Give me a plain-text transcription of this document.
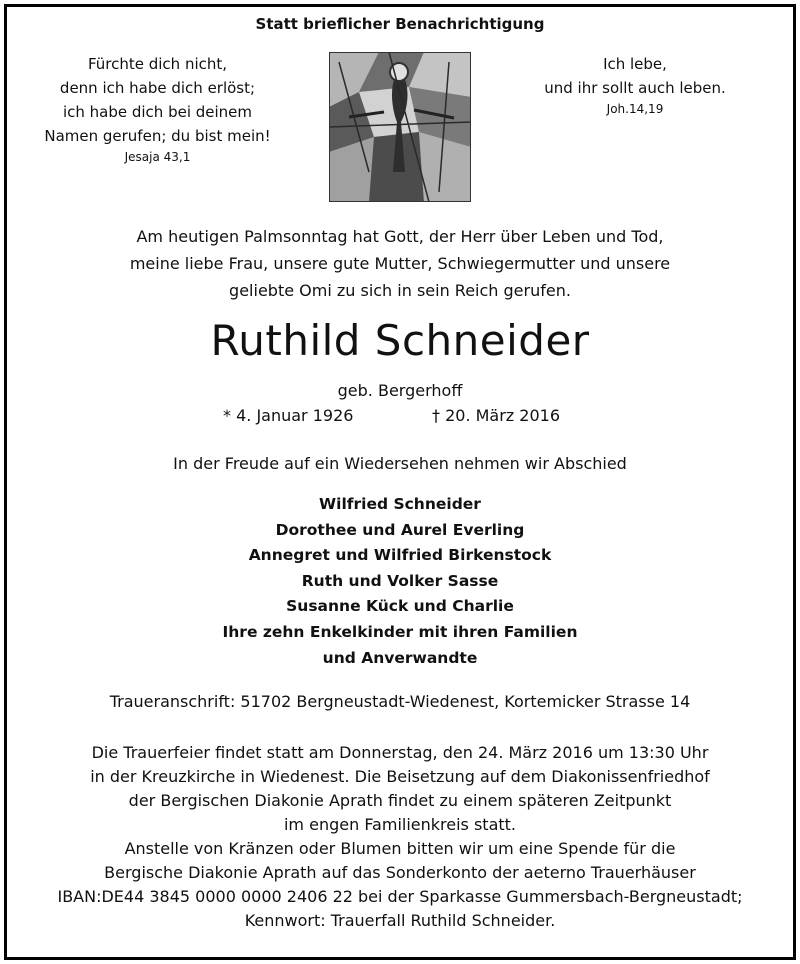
Statt brieflicher Benachrichtigung
Fürchte dich nicht,
denn ich habe dich erlöst;
ich habe dich bei deinem
Namen gerufen; du bist mein!
Jesaja 43,1
Ich lebe,
und ihr sollt auch leben.
Joh.14,19
Am heutigen Palmsonntag hat Gott, der Herr über Leben und Tod,
meine liebe Frau, unsere gute Mutter, Schwiegermutter und unsere
geliebte Omi zu sich in sein Reich gerufen.
Ruthild Schneider
geb. Bergerhoff
* 4. Januar 1926	† 20. März 2016
In der Freude auf ein Wiedersehen nehmen wir Abschied
Wilfried Schneider
Dorothee und Aurel Everling
Annegret und Wilfried Birkenstock
Ruth und Volker Sasse
Susanne Kück und Charlie
Ihre zehn Enkelkinder mit ihren Familien
und Anverwandte
Traueranschrift: 51702 Bergneustadt-Wiedenest, Kortemicker Strasse 14
Die Trauerfeier findet statt am Donnerstag, den 24. März 2016 um 13:30 Uhr
in der Kreuzkirche in Wiedenest. Die Beisetzung auf dem Diakonissenfriedhof
der Bergischen Diakonie Aprath findet zu einem späteren Zeitpunkt
im engen Familienkreis statt.
Anstelle von Kränzen oder Blumen bitten wir um eine Spende für die
Bergische Diakonie Aprath auf das Sonderkonto der aeterno Trauerhäuser
IBAN:DE44 3845 0000 0000 2406 22 bei der Sparkasse Gummersbach-Bergneustadt;
Kennwort: Trauerfall Ruthild Schneider.
